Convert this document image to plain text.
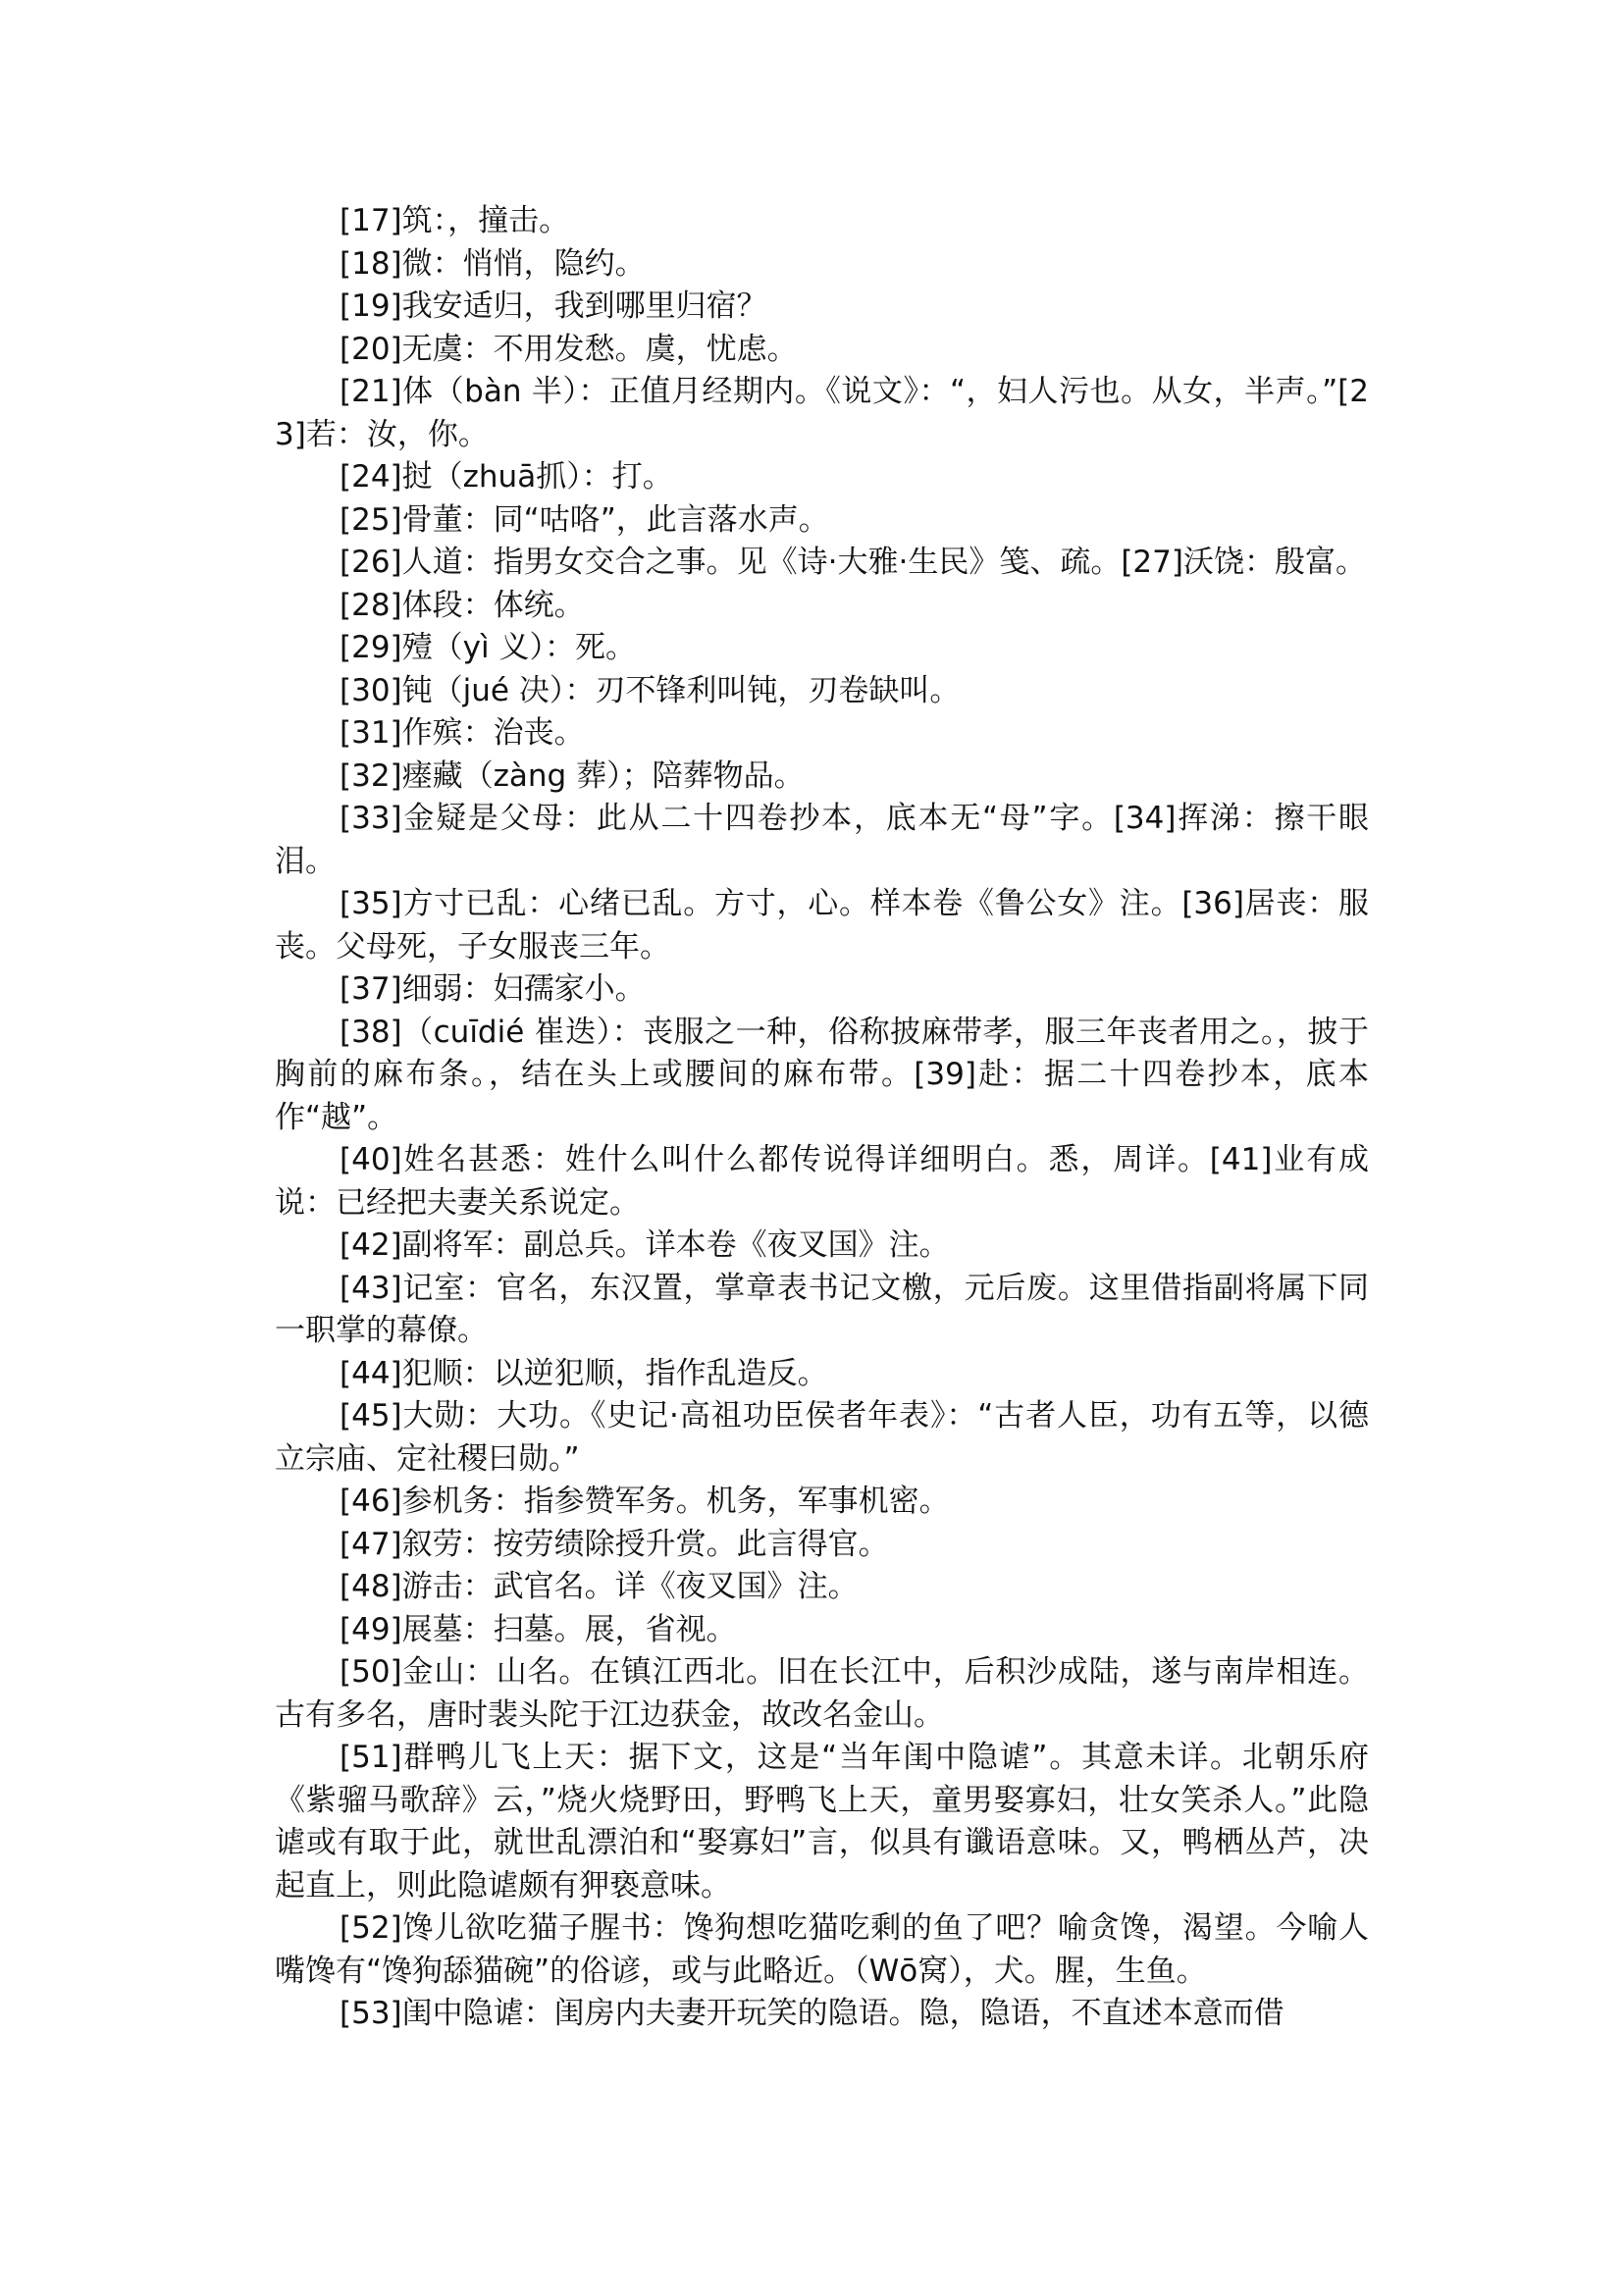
[17]筑：，撞击。

[18]微：悄悄，隐约。

[19]我安适归，我到哪里归宿？

[20]无虞：不用发愁。虞，忧虑。

[21]体（bàn 半）：正值月经期内。《说文》：“，妇人污也。从女，半声。”[23]若：汝，你。

[24]挝（zhuā抓）：打。

[25]骨董：同“咕咯”，此言落水声。

[26]人道：指男女交合之事。见《诗·大雅·生民》笺、疏。[27]沃饶：殷富。

[28]体段：体统。

[29]殪（yì 义）：死。

[30]钝（jué 决）：刃不锋利叫钝，刃卷缺叫。

[31]作殡：治丧。

[32]瘗藏（zàng 葬）；陪葬物品。

[33]金疑是父母：此从二十四卷抄本，底本无“母”字。[34]挥涕：擦干眼泪。

[35]方寸已乱：心绪已乱。方寸，心。样本卷《鲁公女》注。[36]居丧：服丧。父母死，子女服丧三年。

[37]细弱：妇孺家小。

[38]（cuīdié 崔迭）：丧服之一种，俗称披麻带孝，服三年丧者用之。，披于胸前的麻布条。，结在头上或腰间的麻布带。[39]赴：据二十四卷抄本，底本作“越”。

[40]姓名甚悉：姓什么叫什么都传说得详细明白。悉，周详。[41]业有成说：已经把夫妻关系说定。

[42]副将军：副总兵。详本卷《夜叉国》注。

[43]记室：官名，东汉置，掌章表书记文檄，元后废。这里借指副将属下同一职掌的幕僚。

[44]犯顺：以逆犯顺，指作乱造反。

[45]大勋：大功。《史记·高祖功臣侯者年表》：“古者人臣，功有五等，以德立宗庙、定社稷曰勋。”

[46]参机务：指参赞军务。机务，军事机密。

[47]叙劳：按劳绩除授升赏。此言得官。

[48]游击：武官名。详《夜叉国》注。

[49]展墓：扫墓。展，省视。

[50]金山：山名。在镇江西北。旧在长江中，后积沙成陆，遂与南岸相连。古有多名，唐时裴头陀于江边获金，故改名金山。

[51]群鸭儿飞上天：据下文，这是“当年闺中隐谑”。其意未详。北朝乐府《紫骝马歌辞》云，”烧火烧野田，野鸭飞上天，童男娶寡妇，壮女笑杀人。”此隐谑或有取于此，就世乱漂泊和“娶寡妇”言，似具有谶语意味。又，鸭栖丛芦，决起直上，则此隐谑颇有狎亵意味。

[52]馋儿欲吃猫子腥书：馋狗想吃猫吃剩的鱼了吧？喻贪馋，渴望。今喻人嘴馋有“馋狗舔猫碗”的俗谚，或与此略近。（Wō窝），犬。腥，生鱼。

[53]闺中隐谑：闺房内夫妻开玩笑的隐语。隐，隐语，不直述本意而借
